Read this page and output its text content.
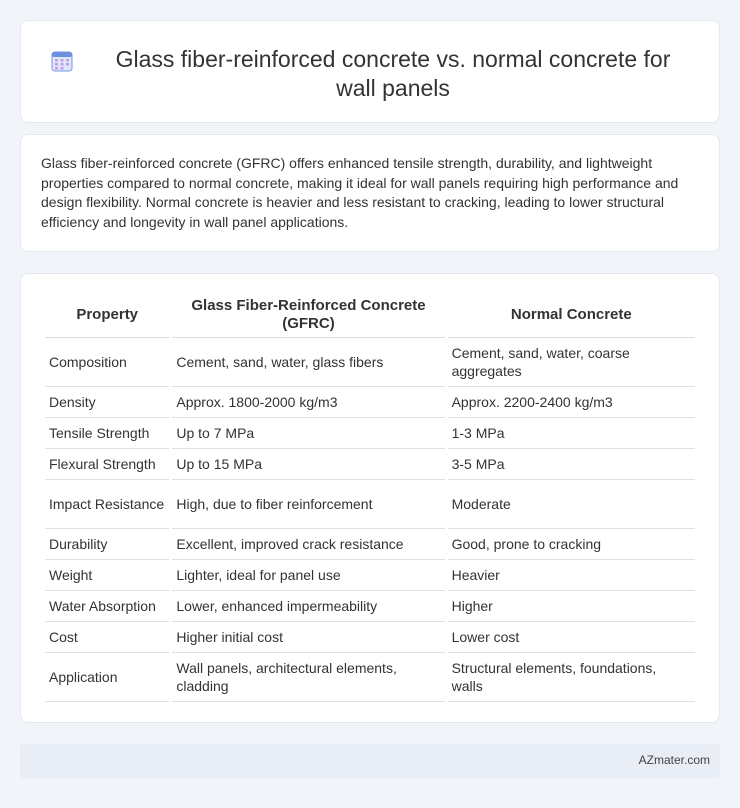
Glass fiber-reinforced concrete vs. normal concrete for wall panels

Glass fiber-reinforced concrete (GFRC) offers enhanced tensile strength, durability, and lightweight properties compared to normal concrete, making it ideal for wall panels requiring high performance and design flexibility. Normal concrete is heavier and less resistant to cracking, leading to lower structural efficiency and longevity in wall panel applications.

Property	Glass Fiber-Reinforced Concrete (GFRC)	Normal Concrete
Composition	Cement, sand, water, glass fibers	Cement, sand, water, coarse aggregates
Density	Approx. 1800-2000 kg/m3	Approx. 2200-2400 kg/m3
Tensile Strength	Up to 7 MPa	1-3 MPa
Flexural Strength	Up to 15 MPa	3-5 MPa
Impact Resistance	High, due to fiber reinforcement	Moderate
Durability	Excellent, improved crack resistance	Good, prone to cracking
Weight	Lighter, ideal for panel use	Heavier
Water Absorption	Lower, enhanced impermeability	Higher
Cost	Higher initial cost	Lower cost
Application	Wall panels, architectural elements, cladding	Structural elements, foundations, walls
AZmater.com
